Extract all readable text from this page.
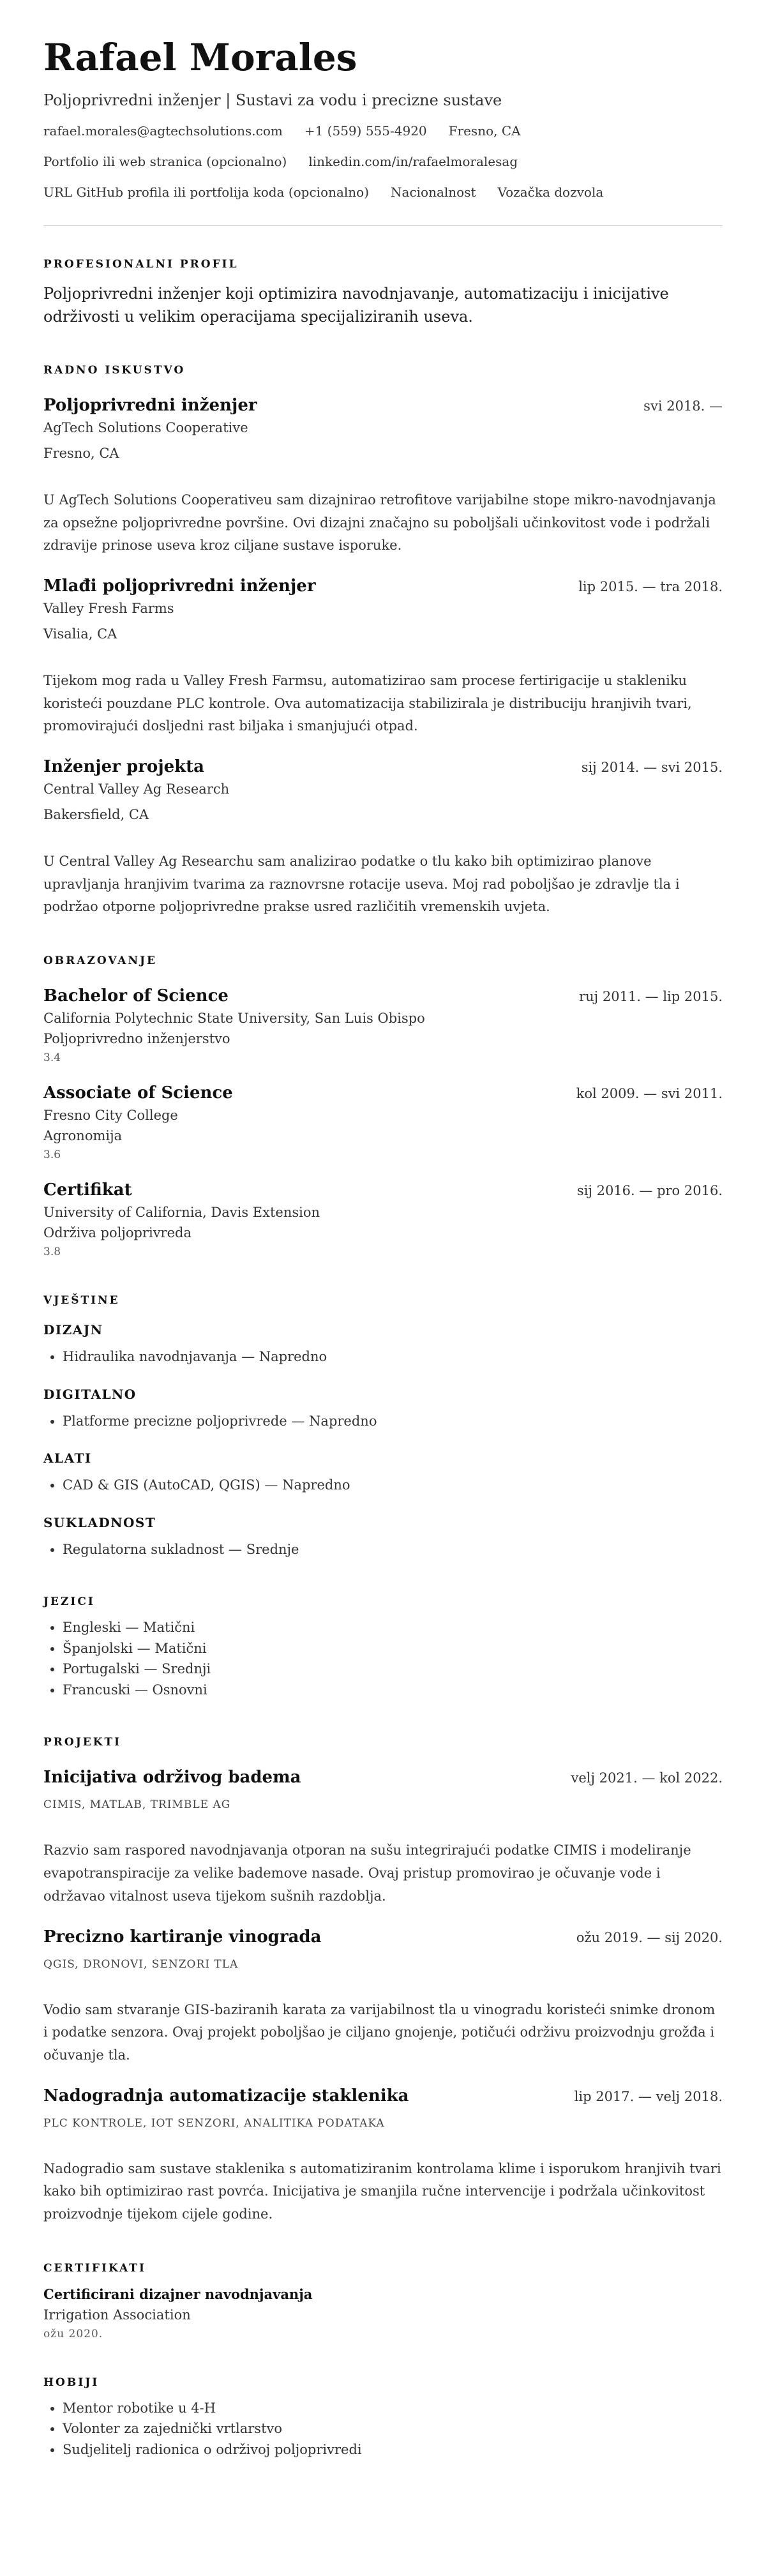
Rafael Morales
Poljoprivredni inženjer | Sustavi za vodu i precizne sustave
rafael.morales@agtechsolutions.com +1 (559) 555-4920 Fresno, CA
Portfolio ili web stranica (opcionalno) linkedin.com/in/rafaelmoralesag
URL GitHub profila ili portfolija koda (opcionalno) Nacionalnost Vozačka dozvola
PROFESIONALNI PROFIL
Poljoprivredni inženjer koji optimizira navodnjavanje, automatizaciju i inicijative održivosti u velikim operacijama specijaliziranih useva.
RADNO ISKUSTVO
Poljoprivredni inženjer	svi 2018. —
AgTech Solutions Cooperative
Fresno, CA
U AgTech Solutions Cooperativeu sam dizajnirao retrofitove varijabilne stope mikro-navodnjavanja za opsežne poljoprivredne površine. Ovi dizajni značajno su poboljšali učinkovitost vode i podržali zdravije prinose useva kroz ciljane sustave isporuke.
Mlađi poljoprivredni inženjer	lip 2015. — tra 2018.
Valley Fresh Farms
Visalia, CA
Tijekom mog rada u Valley Fresh Farmsu, automatizirao sam procese fertirigacije u stakleniku koristeći pouzdane PLC kontrole. Ova automatizacija stabilizirala je distribuciju hranjivih tvari, promovirajući dosljedni rast biljaka i smanjujući otpad.
Inženjer projekta	sij 2014. — svi 2015.
Central Valley Ag Research
Bakersfield, CA
U Central Valley Ag Researchu sam analizirao podatke o tlu kako bih optimizirao planove upravljanja hranjivim tvarima za raznovrsne rotacije useva. Moj rad poboljšao je zdravlje tla i podržao otporne poljoprivredne prakse usred različitih vremenskih uvjeta.
OBRAZOVANJE
Bachelor of Science	ruj 2011. — lip 2015.
California Polytechnic State University, San Luis Obispo
Poljoprivredno inženjerstvo
3.4
Associate of Science	kol 2009. — svi 2011.
Fresno City College
Agronomija
3.6
Certifikat	sij 2016. — pro 2016.
University of California, Davis Extension
Održiva poljoprivreda
3.8
VJEŠTINE
DIZAJN
• Hidraulika navodnjavanja — Napredno
DIGITALNO
• Platforme precizne poljoprivrede — Napredno
ALATI
• CAD & GIS (AutoCAD, QGIS) — Napredno
SUKLADNOST
• Regulatorna sukladnost — Srednje
JEZICI
• Engleski — Matični
• Španjolski — Matični
• Portugalski — Srednji
• Francuski — Osnovni
PROJEKTI
Inicijativa održivog badema	velj 2021. — kol 2022.
CIMIS, MATLAB, TRIMBLE AG
Razvio sam raspored navodnjavanja otporan na sušu integrirajući podatke CIMIS i modeliranje evapotranspiracije za velike bademove nasade. Ovaj pristup promovirao je očuvanje vode i održavao vitalnost useva tijekom sušnih razdoblja.
Precizno kartiranje vinograda	ožu 2019. — sij 2020.
QGIS, DRONOVI, SENZORI TLA
Vodio sam stvaranje GIS-baziranih karata za varijabilnost tla u vinogradu koristeći snimke dronom i podatke senzora. Ovaj projekt poboljšao je ciljano gnojenje, potičući održivu proizvodnju grožđa i očuvanje tla.
Nadogradnja automatizacije staklenika	lip 2017. — velj 2018.
PLC KONTROLE, IOT SENZORI, ANALITIKA PODATAKA
Nadogradio sam sustave staklenika s automatiziranim kontrolama klime i isporukom hranjivih tvari kako bih optimizirao rast povrća. Inicijativa je smanjila ručne intervencije i podržala učinkovitost proizvodnje tijekom cijele godine.
CERTIFIKATI
Certificirani dizajner navodnjavanja
Irrigation Association
ožu 2020.
HOBIJI
• Mentor robotike u 4-H
• Volonter za zajednički vrtlarstvo
• Sudjelitelj radionica o održivoj poljoprivredi
